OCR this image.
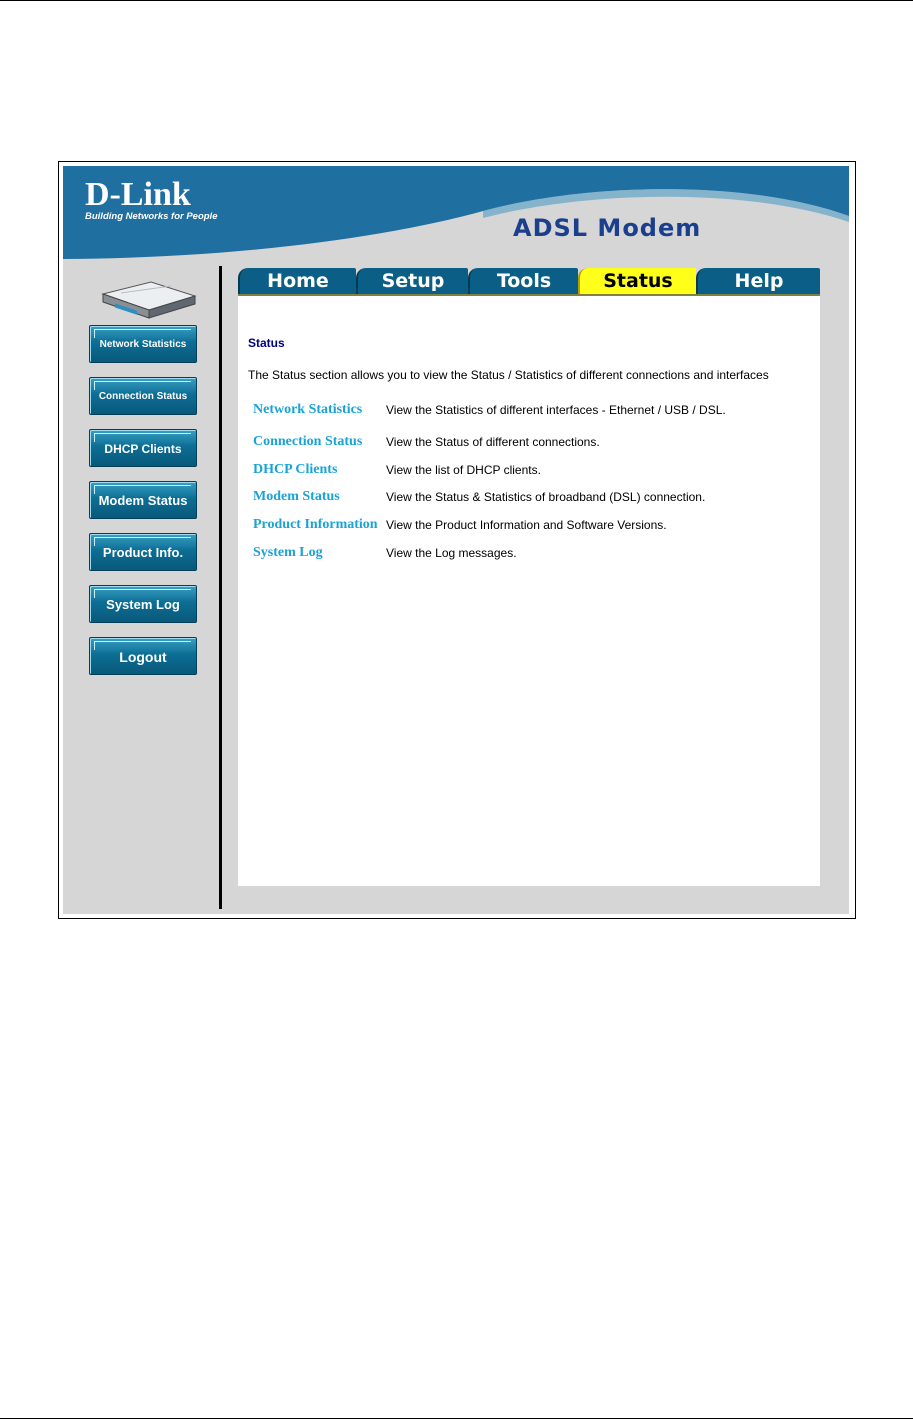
D-Link
Building Networks for People	ADSL Modem
Home	Setup	Tools	Status	Help
Network Statistics
Connection Status
DHCP Clients
Modem Status
Product Info.
System Log
Logout
Status
The Status section allows you to view the Status / Statistics of different connections and interfaces
Network Statistics View the Statistics of different interfaces - Ethernet / USB / DSL.
Connection Status View the Status of different connections.
DHCP Clients	View the list of DHCP clients.
Modem Status	View the Status & Statistics of broadband (DSL) connection.
Product Information View the Product Information and Software Versions.
System Log	View the Log messages.
